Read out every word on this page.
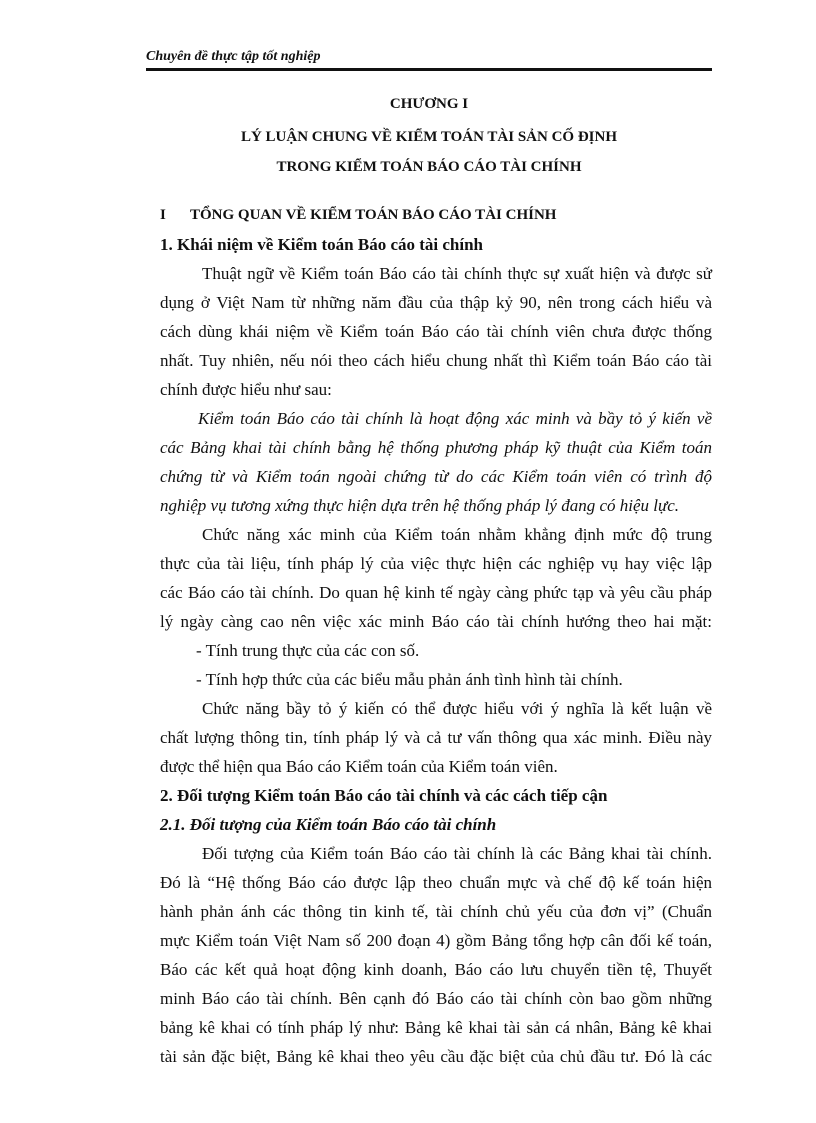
Chuyên đề thực tập tốt nghiệp
CHƯƠNG I
LÝ LUẬN CHUNG VỀ KIỂM TOÁN TÀI SẢN CỐ ĐỊNH
TRONG KIỂM TOÁN BÁO CÁO TÀI CHÍNH

I TỔNG QUAN VỀ KIỂM TOÁN BÁO CÁO TÀI CHÍNH

1. Khái niệm về Kiểm toán Báo cáo tài chính

Thuật ngữ về Kiểm toán Báo cáo tài chính thực sự xuất hiện và được sử

dụng ở Việt Nam từ những năm đầu của thập kỷ 90, nên trong cách hiểu và

cách dùng khái niệm về Kiểm toán Báo cáo tài chính viên chưa được thống

nhất. Tuy nhiên, nếu nói theo cách hiểu chung nhất thì Kiểm toán Báo cáo tài

chính được hiểu như sau:

Kiểm toán Báo cáo tài chính là hoạt động xác minh và bầy tỏ ý kiến về

các Bảng khai tài chính bằng hệ thống phương pháp kỹ thuật của Kiểm toán

chứng từ và Kiểm toán ngoài chứng từ do các Kiểm toán viên có trình độ

nghiệp vụ tương xứng thực hiện dựa trên hệ thống pháp lý đang có hiệu lực.

Chức năng xác minh của Kiểm toán nhằm khẳng định mức độ trung

thực của tài liệu, tính pháp lý của việc thực hiện các nghiệp vụ hay việc lập

các Báo cáo tài chính. Do quan hệ kinh tế ngày càng phức tạp và yêu cầu pháp

lý ngày càng cao nên việc xác minh Báo cáo tài chính hướng theo hai mặt:

- Tính trung thực của các con số.

- Tính hợp thức của các biểu mẫu phản ánh tình hình tài chính.

Chức năng bầy tỏ ý kiến có thể được hiểu với ý nghĩa là kết luận về

chất lượng thông tin, tính pháp lý và cả tư vấn thông qua xác minh. Điều này

được thể hiện qua Báo cáo Kiểm toán của Kiểm toán viên.

2. Đối tượng Kiểm toán Báo cáo tài chính và các cách tiếp cận

2.1. Đối tượng của Kiểm toán Báo cáo tài chính

Đối tượng của Kiểm toán Báo cáo tài chính là các Bảng khai tài chính.

Đó là “Hệ thống Báo cáo được lập theo chuẩn mực và chế độ kế toán hiện

hành phản ánh các thông tin kinh tế, tài chính chủ yếu của đơn vị” (Chuẩn

mực Kiểm toán Việt Nam số 200 đoạn 4) gồm Bảng tổng hợp cân đối kế toán,

Báo các kết quả hoạt động kinh doanh, Báo cáo lưu chuyển tiền tệ, Thuyết

minh Báo cáo tài chính. Bên cạnh đó Báo cáo tài chính còn bao gồm những

bảng kê khai có tính pháp lý như: Bảng kê khai tài sản cá nhân, Bảng kê khai

tài sản đặc biệt, Bảng kê khai theo yêu cầu đặc biệt của chủ đầu tư. Đó là các
